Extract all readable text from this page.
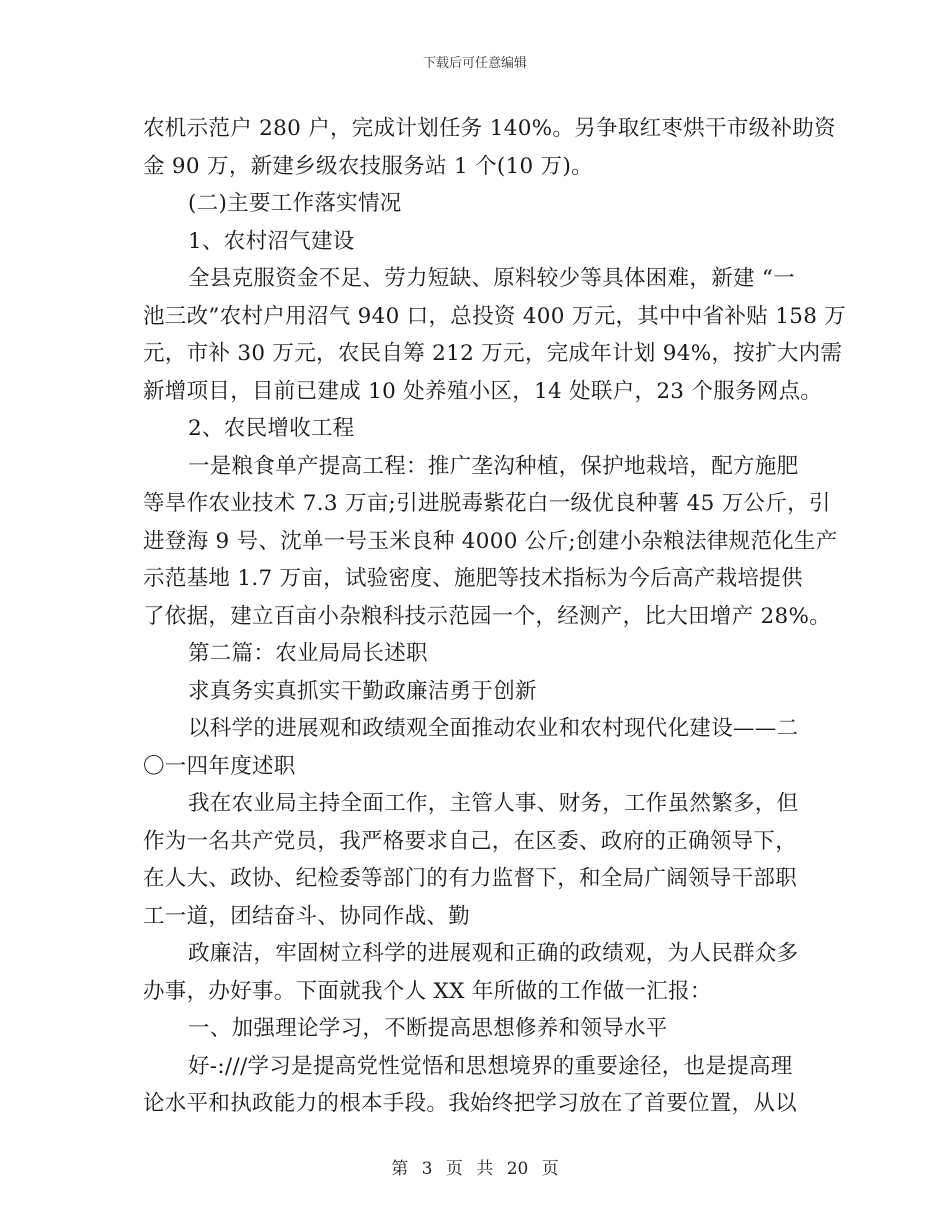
下载后可任意编辑
农机示范户 280 户，完成计划任务 140%。另争取红枣烘干市级补助资
金 90 万，新建乡级农技服务站 1 个(10 万)。
(二)主要工作落实情况
1、农村沼气建设
全县克服资金不足、劳力短缺、原料较少等具体困难，新建 “一
池三改”农村户用沼气 940 口，总投资 400 万元，其中中省补贴 158 万
元，市补 30 万元，农民自筹 212 万元，完成年计划 94%，按扩大内需
新增项目，目前已建成 10 处养殖小区，14 处联户，23 个服务网点。
2、农民增收工程
一是粮食单产提高工程：推广垄沟种植，保护地栽培，配方施肥
等旱作农业技术 7.3 万亩;引进脱毒紫花白一级优良种薯 45 万公斤，引
进登海 9 号、沈单一号玉米良种 4000 公斤;创建小杂粮法律规范化生产
示范基地 1.7 万亩，试验密度、施肥等技术指标为今后高产栽培提供
了依据，建立百亩小杂粮科技示范园一个，经测产，比大田增产 28%。
第二篇：农业局局长述职
求真务实真抓实干勤政廉洁勇于创新
以科学的进展观和政绩观全面推动农业和农村现代化建设——二
〇一四年度述职
我在农业局主持全面工作，主管人事、财务，工作虽然繁多，但
作为一名共产党员，我严格要求自己，在区委、政府的正确领导下，
在人大、政协、纪检委等部门的有力监督下，和全局广阔领导干部职
工一道，团结奋斗、协同作战、勤
政廉洁，牢固树立科学的进展观和正确的政绩观，为人民群众多
办事，办好事。下面就我个人 XX 年所做的工作做一汇报：
一、加强理论学习，不断提高思想修养和领导水平
好-:///学习是提高党性觉悟和思想境界的重要途径，也是提高理
论水平和执政能力的根本手段。我始终把学习放在了首要位置，从以
第 3 页 共 20 页
